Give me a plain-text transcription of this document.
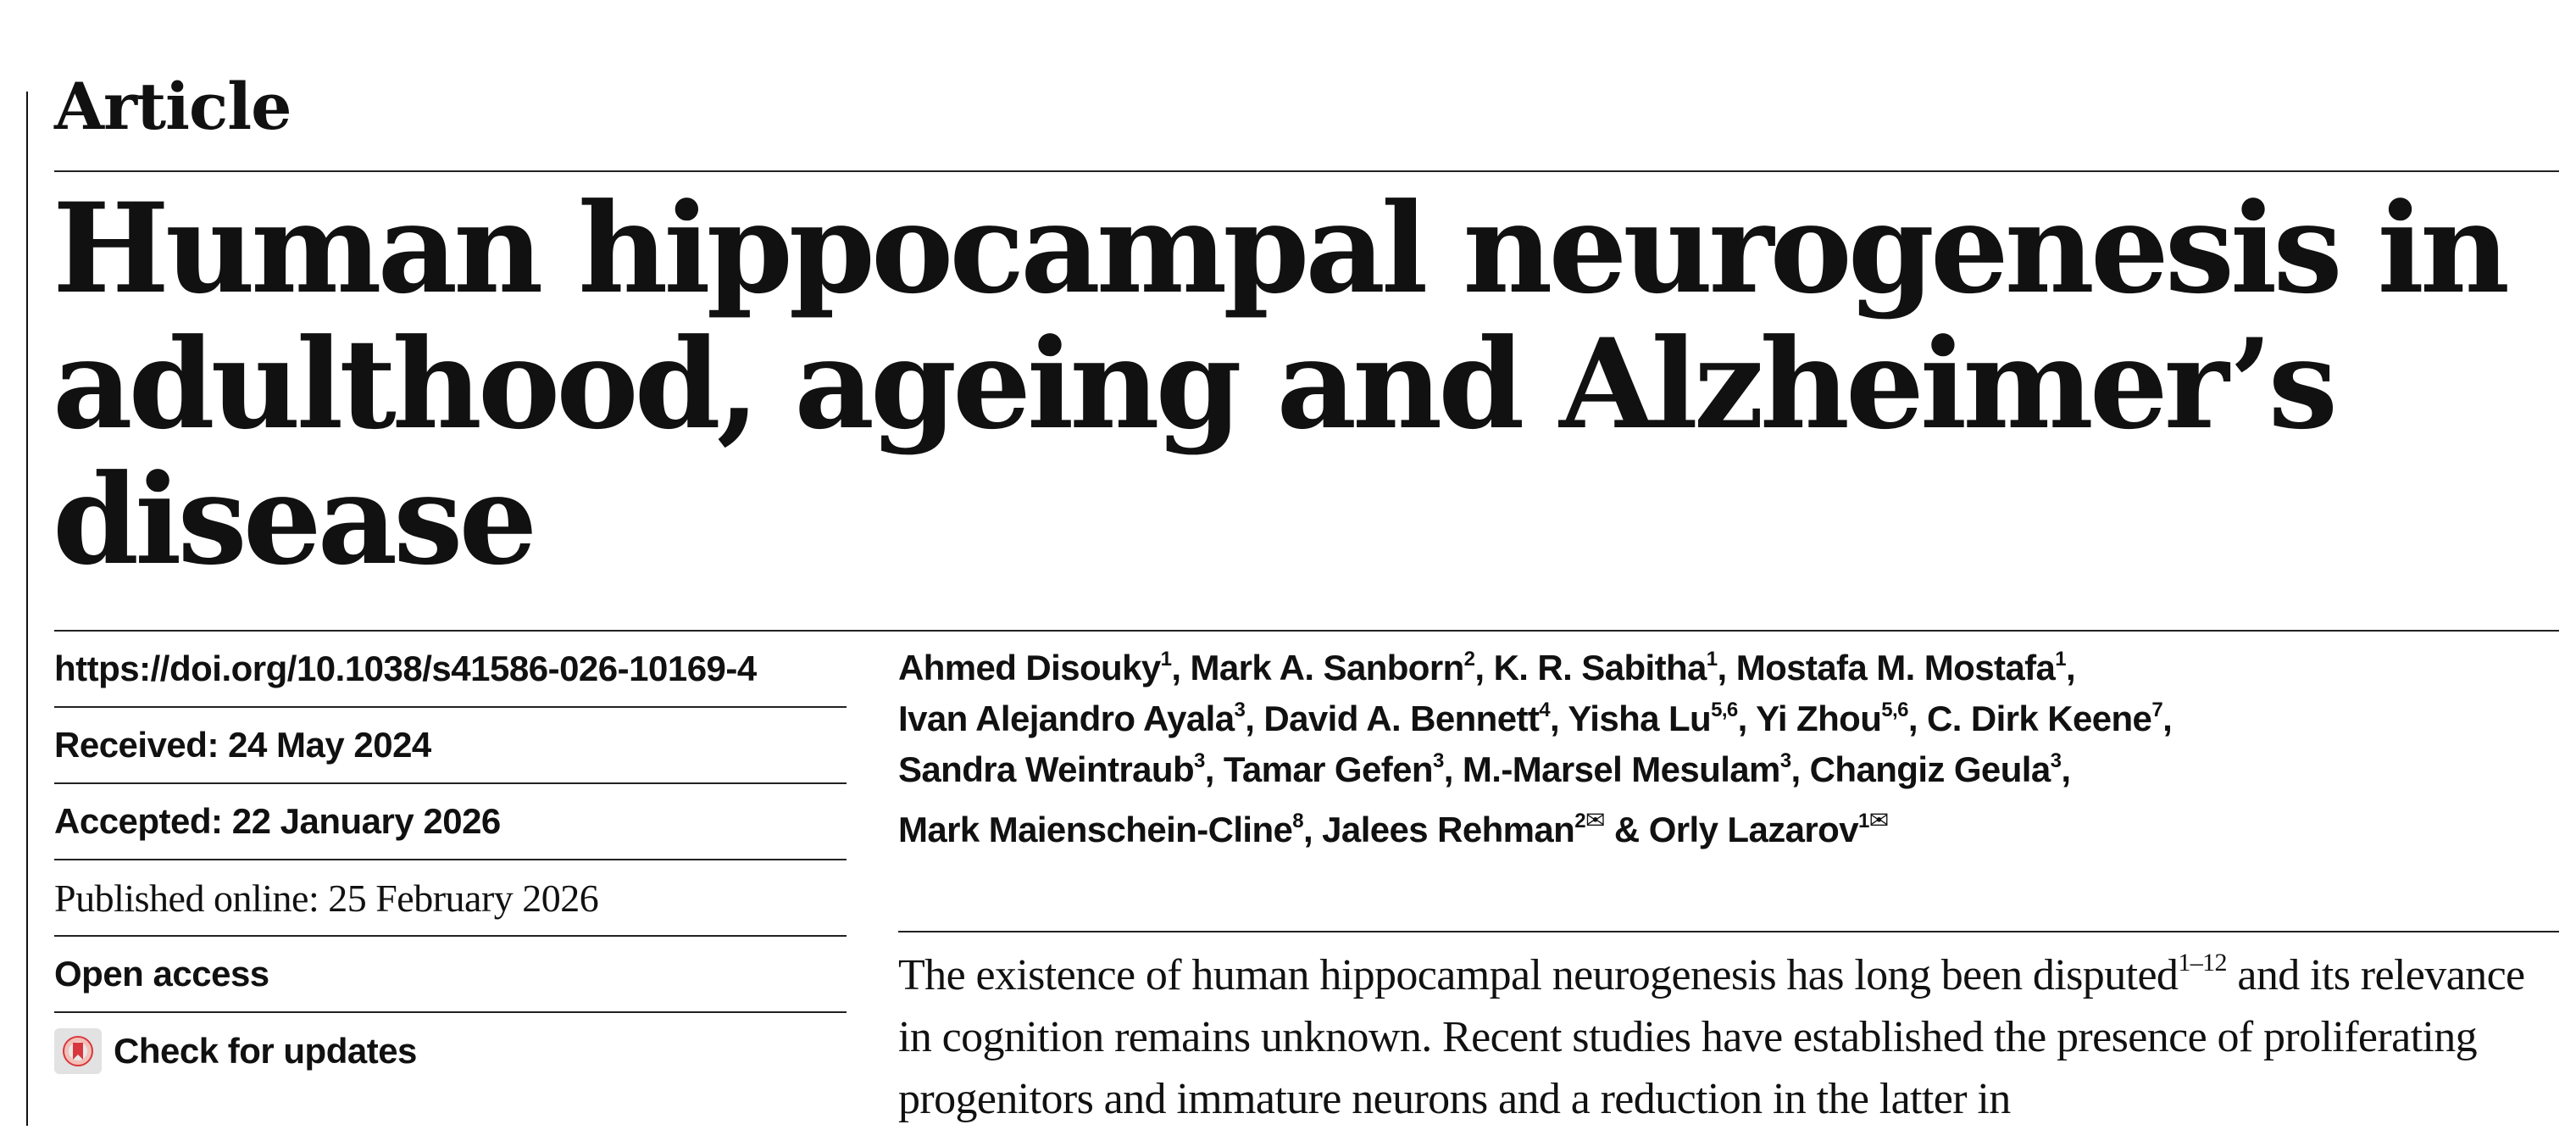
Article
Human hippocampal neurogenesis in adulthood, ageing and Alzheimer’s disease
https://doi.org/10.1038/s41586-026-10169-4
Received: 24 May 2024
Accepted: 22 January 2026
Published online: 25 February 2026
Open access
Check for updates

Ahmed Disouky$^1$, Mark A. Sanborn$^2$, K. R. Sabitha$^1$, Mostafa M. Mostafa$^1$,
Ivan Alejandro Ayala$^3$, David A. Bennett$^4$, Yisha Lu$^{5,6}$, Yi Zhou$^{5,6}$, C. Dirk Keene$^7$,
Sandra Weintraub$^3$, Tamar Gefen$^3$, M.-Marsel Mesulam$^3$, Changiz Geula$^3$,
Mark Maienschein-Cline$^8$, Jalees Rehman$^{2✉}$ & Orly Lazarov$^{1✉}$

The existence of human hippocampal neurogenesis has long been disputed$^{1-12}$ and its relevance in cognition remains unknown. Recent studies have established the presence of proliferating progenitors and immature neurons and a reduction in the latter in
